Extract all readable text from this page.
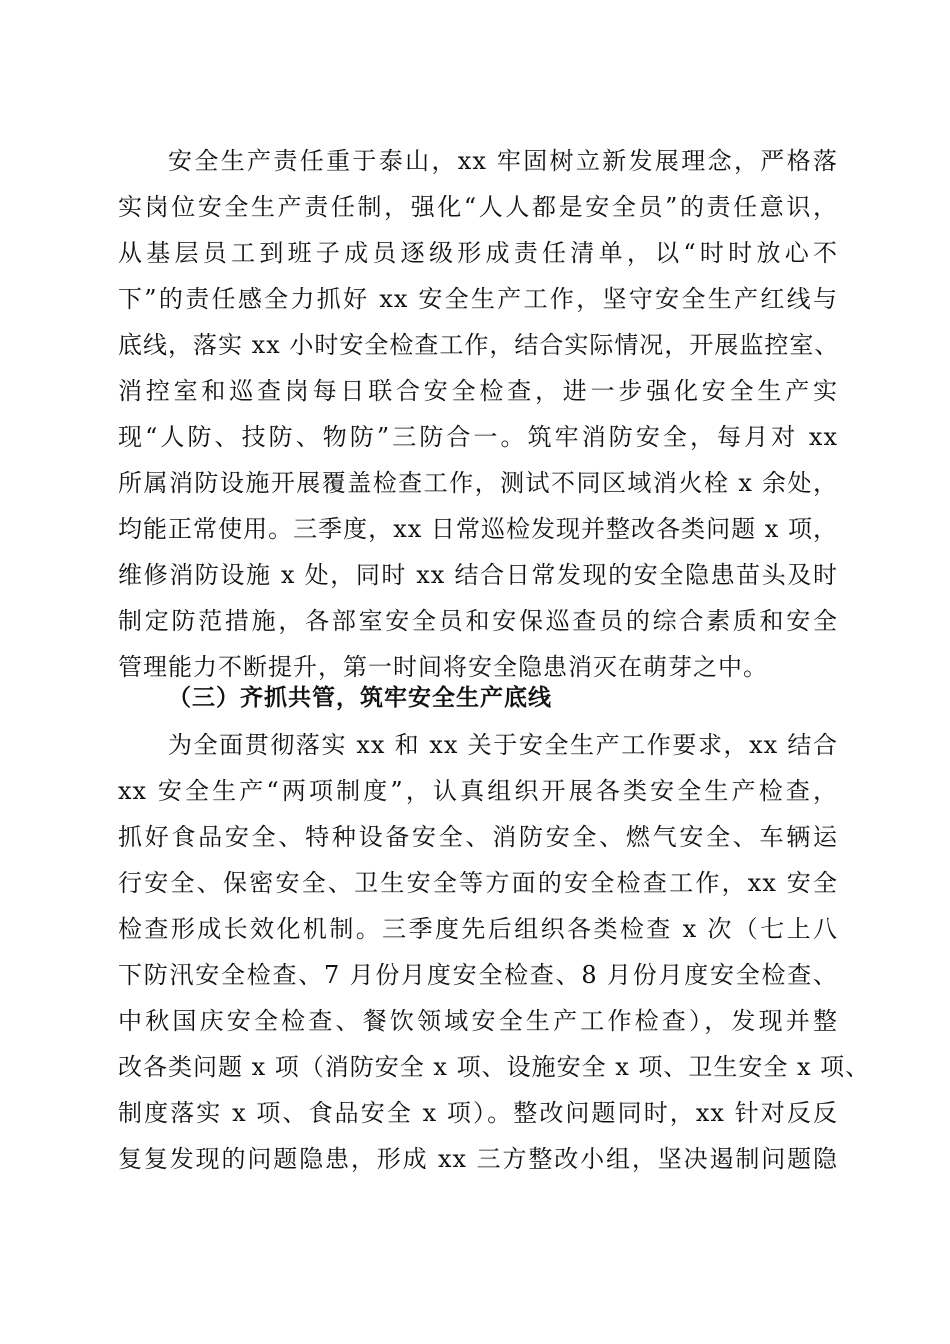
安全生产责任重于泰山，xx 牢固树立新发展理念，严格落
实岗位安全生产责任制，强化“人人都是安全员”的责任意识，
从基层员工到班子成员逐级形成责任清单，以“时时放心不
下”的责任感全力抓好 xx 安全生产工作，坚守安全生产红线与
底线，落实 xx 小时安全检查工作，结合实际情况，开展监控室、
消控室和巡查岗每日联合安全检查，进一步强化安全生产实
现“人防、技防、物防”三防合一。筑牢消防安全，每月对 xx
所属消防设施开展覆盖检查工作，测试不同区域消火栓 x 余处，
均能正常使用。三季度，xx 日常巡检发现并整改各类问题 x 项，
维修消防设施 x 处，同时 xx 结合日常发现的安全隐患苗头及时
制定防范措施，各部室安全员和安保巡查员的综合素质和安全
管理能力不断提升，第一时间将安全隐患消灭在萌芽之中。
（三）齐抓共管，筑牢安全生产底线
为全面贯彻落实 xx 和 xx 关于安全生产工作要求，xx 结合
xx 安全生产“两项制度”，认真组织开展各类安全生产检查，
抓好食品安全、特种设备安全、消防安全、燃气安全、车辆运
行安全、保密安全、卫生安全等方面的安全检查工作，xx 安全
检查形成长效化机制。三季度先后组织各类检查 x 次（七上八
下防汛安全检查、7 月份月度安全检查、8 月份月度安全检查、
中秋国庆安全检查、餐饮领域安全生产工作检查），发现并整
改各类问题 x 项（消防安全 x 项、设施安全 x 项、卫生安全 x 项、
制度落实 x 项、食品安全 x 项）。整改问题同时，xx 针对反反
复复发现的问题隐患，形成 xx 三方整改小组，坚决遏制问题隐
